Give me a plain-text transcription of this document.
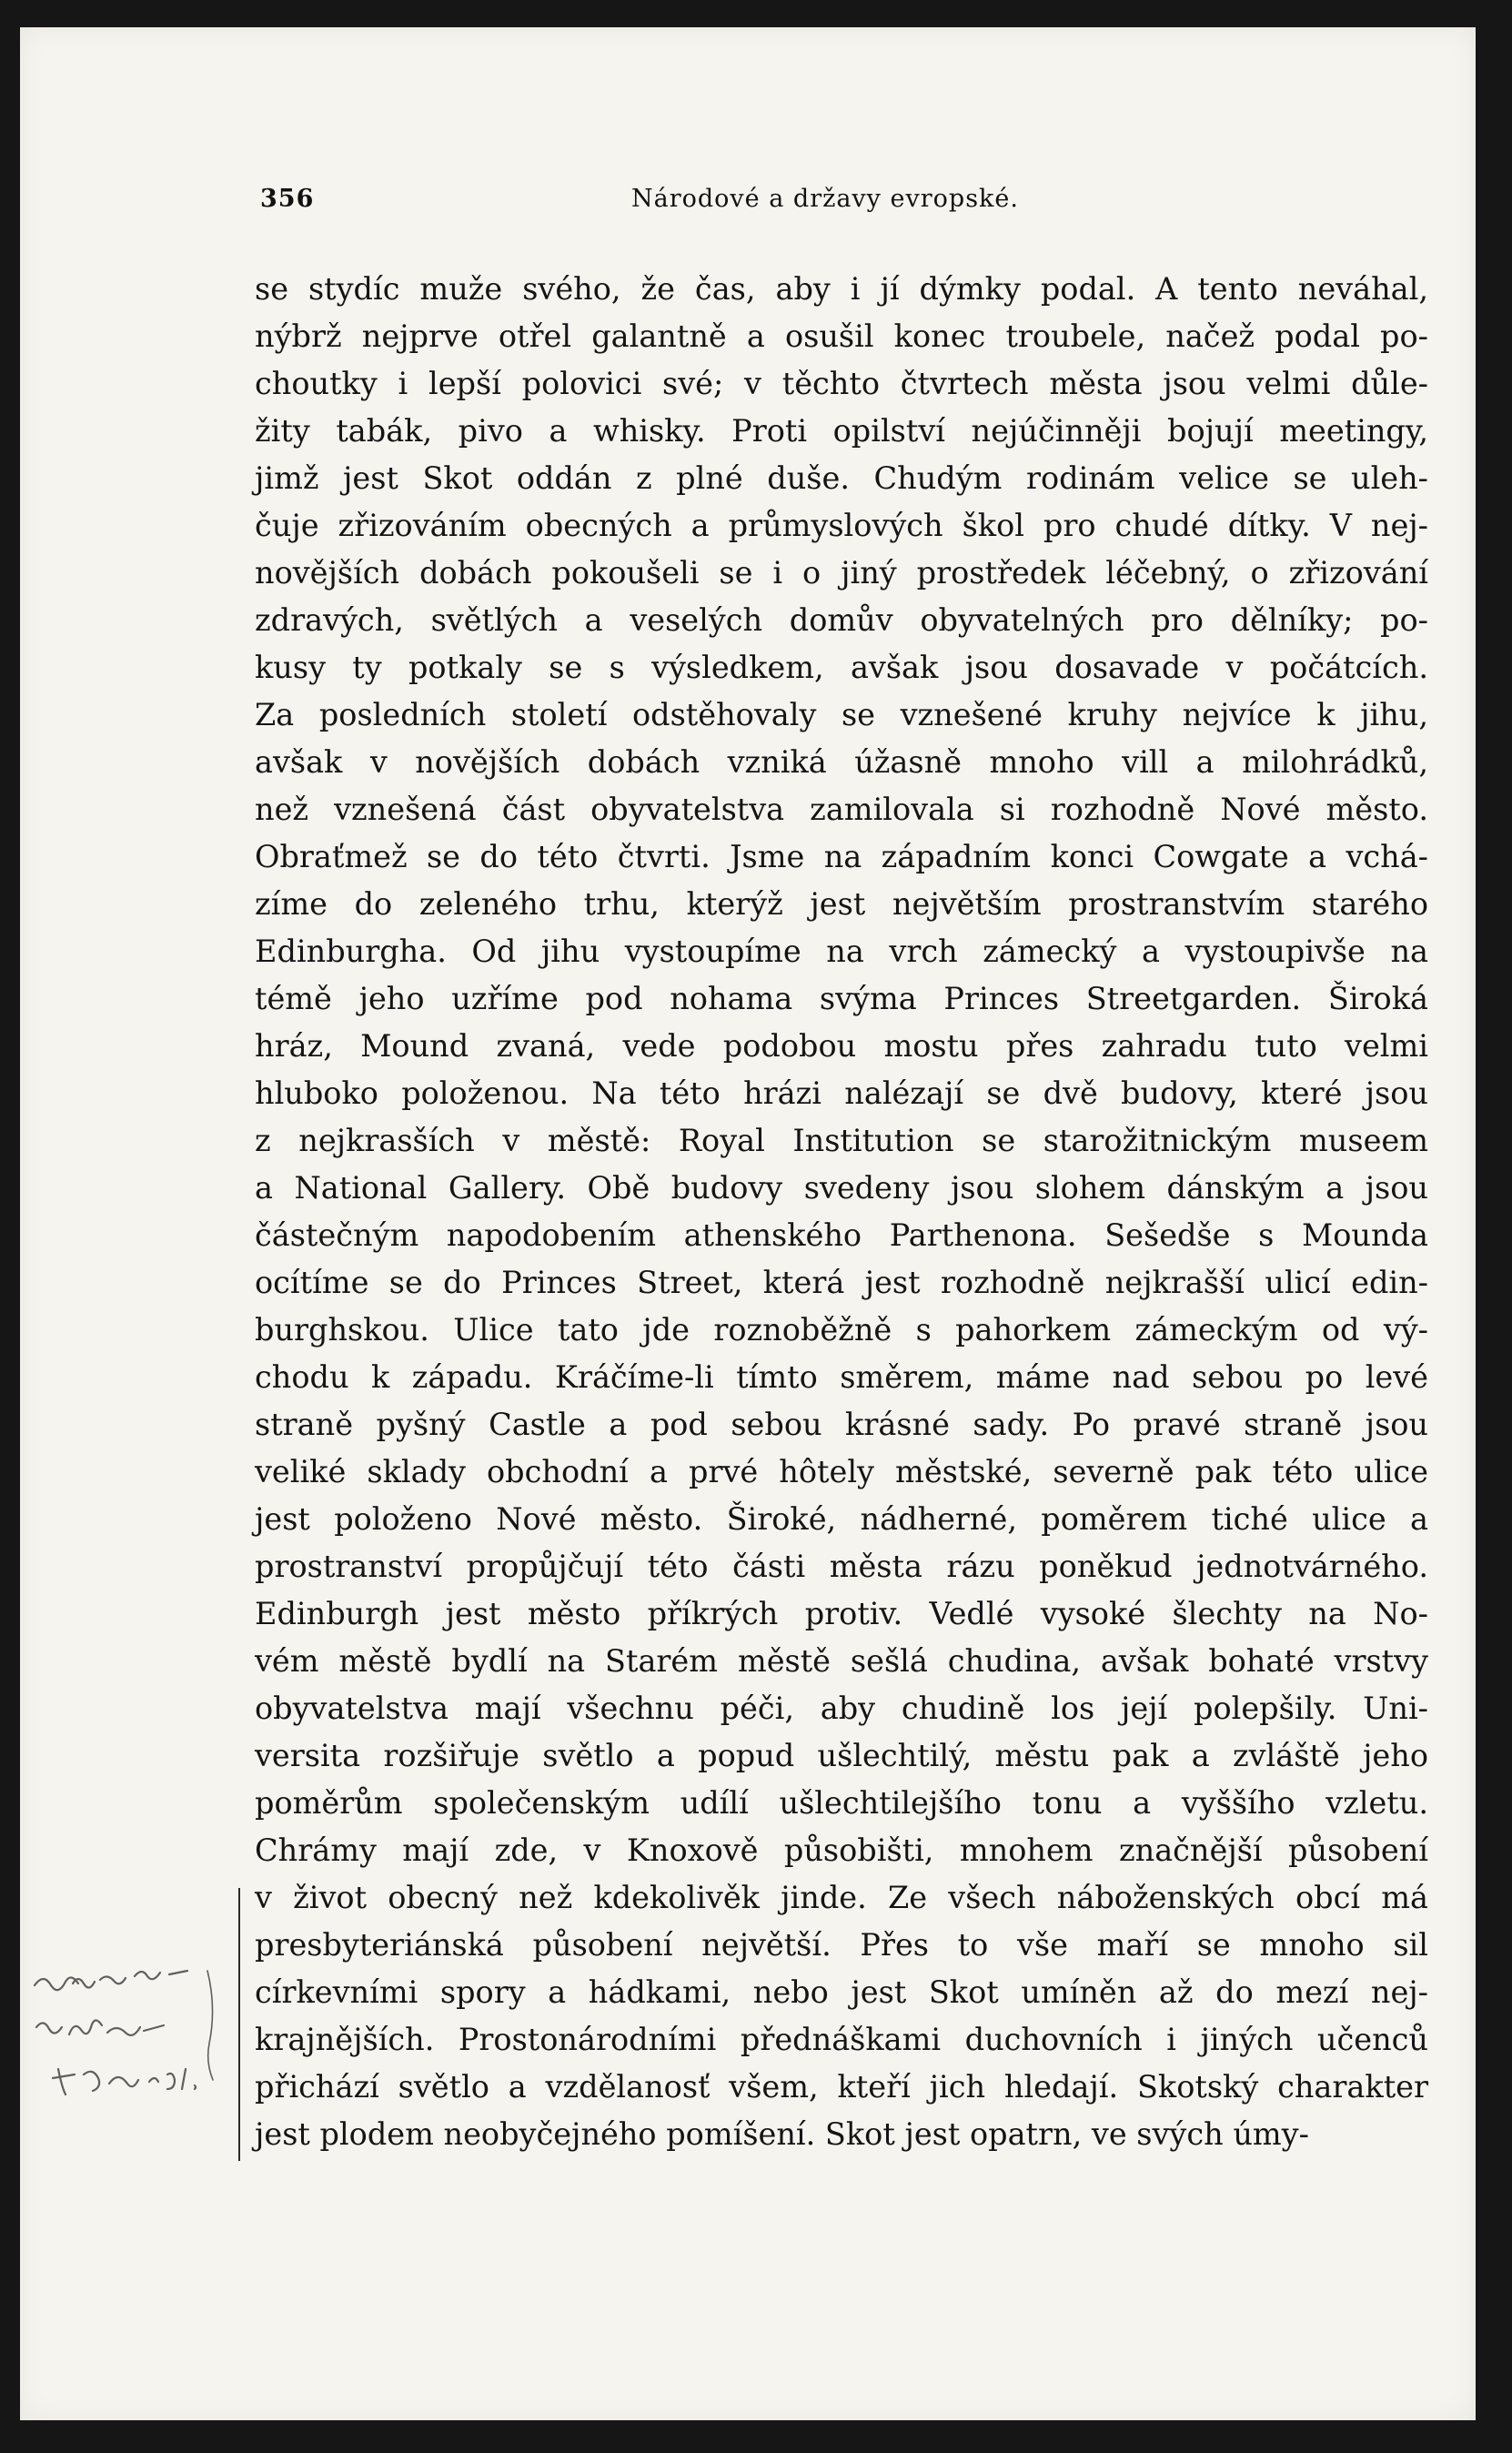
356	Národové a državy evropské.
se stydíc muže svého, že čas, aby i jí dýmky podal. A tento neváhal,
nýbrž nejprve otřel galantně a osušil konec troubele, načež podal po-
choutky i lepší polovici své; v těchto čtvrtech města jsou velmi důle-
žity tabák, pivo a whisky. Proti opilství nejúčinněji bojují meetingy,
jimž jest Skot oddán z plné duše. Chudým rodinám velice se uleh-
čuje zřizováním obecných a průmyslových škol pro chudé dítky. V nej-
novějších dobách pokoušeli se i o jiný prostředek léčebný, o zřizování
zdravých, světlých a veselých domův obyvatelných pro dělníky; po-
kusy ty potkaly se s výsledkem, avšak jsou dosavade v počátcích.
Za posledních století odstěhovaly se vznešené kruhy nejvíce k jihu,
avšak v novějších dobách vzniká úžasně mnoho vill a milohrádků,
než vznešená část obyvatelstva zamilovala si rozhodně Nové město.
Obraťmež se do této čtvrti. Jsme na západním konci Cowgate a vchá-
zíme do zeleného trhu, kterýž jest největším prostranstvím starého
Edinburgha. Od jihu vystoupíme na vrch zámecký a vystoupivše na
témě jeho uzříme pod nohama svýma Princes Streetgarden. Široká
hráz, Mound zvaná, vede podobou mostu přes zahradu tuto velmi
hluboko položenou. Na této hrázi nalézají se dvě budovy, které jsou
z nejkrasších v městě: Royal Institution se starožitnickým museem
a National Gallery. Obě budovy svedeny jsou slohem dánským a jsou
částečným napodobením athenského Parthenona. Sešedše s Mounda
ocítíme se do Princes Street, která jest rozhodně nejkrašší ulicí edin-
burghskou. Ulice tato jde roznoběžně s pahorkem zámeckým od vý-
chodu k západu. Kráčíme-li tímto směrem, máme nad sebou po levé
straně pyšný Castle a pod sebou krásné sady. Po pravé straně jsou
veliké sklady obchodní a prvé hôtely městské, severně pak této ulice
jest položeno Nové město. Široké, nádherné, poměrem tiché ulice a
prostranství propůjčují této části města rázu poněkud jednotvárného.
Edinburgh jest město příkrých protiv. Vedlé vysoké šlechty na No-
vém městě bydlí na Starém městě sešlá chudina, avšak bohaté vrstvy
obyvatelstva mají všechnu péči, aby chudině los její polepšily. Uni-
versita rozšiřuje světlo a popud ušlechtilý, městu pak a zvláště jeho
poměrům společenským udílí ušlechtilejšího tonu a vyššího vzletu.
Chrámy mají zde, v Knoxově působišti, mnohem značnější působení
v život obecný než kdekolivěk jinde. Ze všech náboženských obcí má
presbyteriánská působení největší. Přes to vše maří se mnoho sil
církevními spory a hádkami, nebo jest Skot umíněn až do mezí nej-
krajnějších. Prostonárodními přednáškami duchovních i jiných učenců
přichází světlo a vzdělanosť všem, kteří jich hledají. Skotský charakter
jest plodem neobyčejného pomíšení. Skot jest opatrn, ve svých úmy-
